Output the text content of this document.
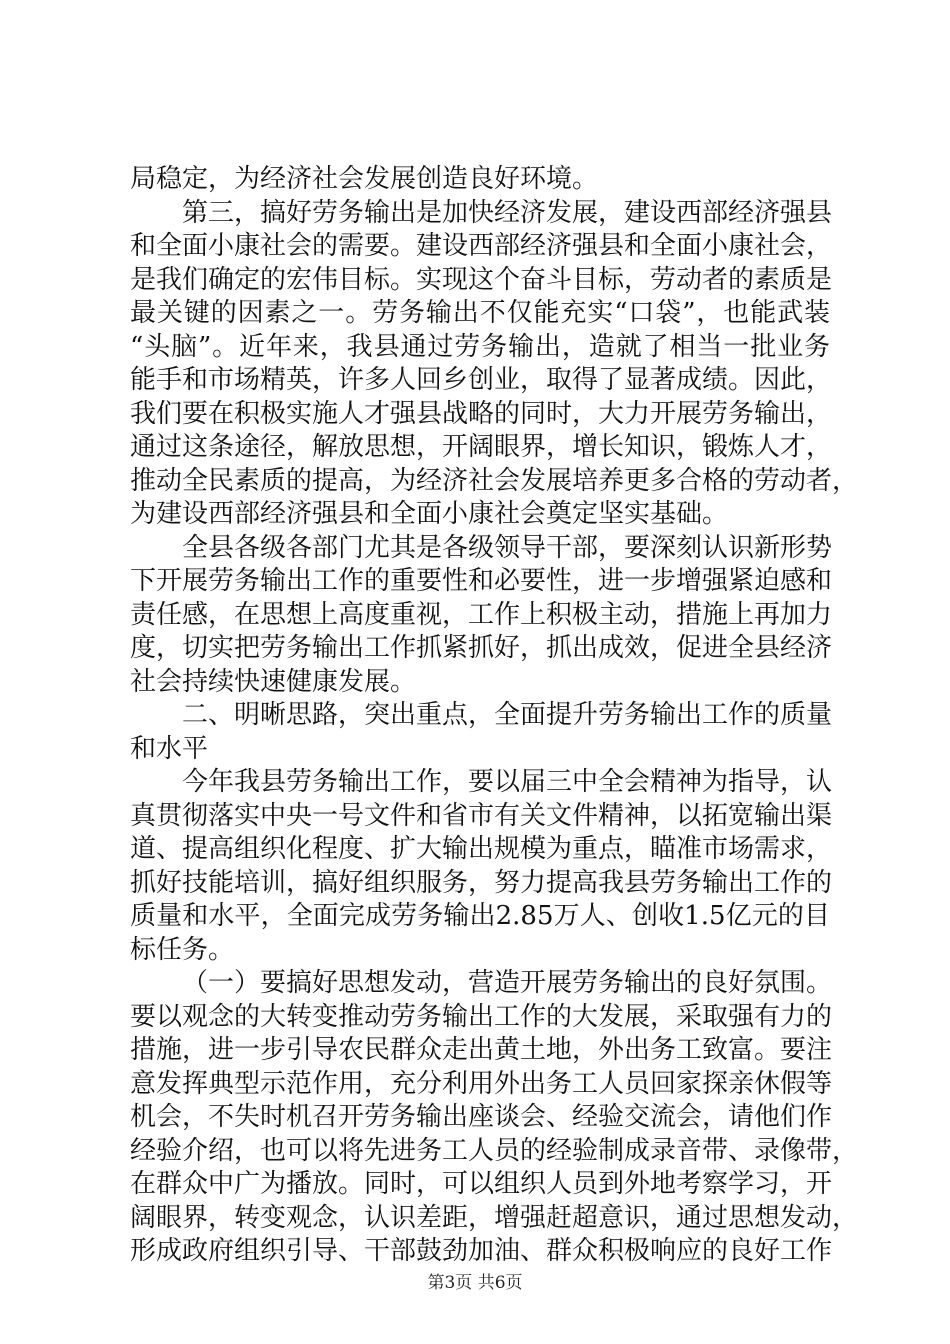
局稳定，为经济社会发展创造良好环境。
第三，搞好劳务输出是加快经济发展，建设西部经济强县
和全面小康社会的需要。建设西部经济强县和全面小康社会，
是我们确定的宏伟目标。实现这个奋斗目标，劳动者的素质是
最关键的因素之一。劳务输出不仅能充实“口袋”，也能武装
“头脑”。近年来，我县通过劳务输出，造就了相当一批业务
能手和市场精英，许多人回乡创业，取得了显著成绩。因此，
我们要在积极实施人才强县战略的同时，大力开展劳务输出，
通过这条途径，解放思想，开阔眼界，增长知识，锻炼人才，
推动全民素质的提高，为经济社会发展培养更多合格的劳动者，
为建设西部经济强县和全面小康社会奠定坚实基础。
全县各级各部门尤其是各级领导干部，要深刻认识新形势
下开展劳务输出工作的重要性和必要性，进一步增强紧迫感和
责任感，在思想上高度重视，工作上积极主动，措施上再加力
度，切实把劳务输出工作抓紧抓好，抓出成效，促进全县经济
社会持续快速健康发展。
二、明晰思路，突出重点，全面提升劳务输出工作的质量
和水平
今年我县劳务输出工作，要以届三中全会精神为指导，认
真贯彻落实中央一号文件和省市有关文件精神，以拓宽输出渠
道、提高组织化程度、扩大输出规模为重点，瞄准市场需求，
抓好技能培训，搞好组织服务，努力提高我县劳务输出工作的
质量和水平，全面完成劳务输出2.85万人、创收1.5亿元的目
标任务。
（一）要搞好思想发动，营造开展劳务输出的良好氛围。
要以观念的大转变推动劳务输出工作的大发展，采取强有力的
措施，进一步引导农民群众走出黄土地，外出务工致富。要注
意发挥典型示范作用，充分利用外出务工人员回家探亲休假等
机会，不失时机召开劳务输出座谈会、经验交流会，请他们作
经验介绍，也可以将先进务工人员的经验制成录音带、录像带，
在群众中广为播放。同时，可以组织人员到外地考察学习，开
阔眼界，转变观念，认识差距，增强赶超意识，通过思想发动，
形成政府组织引导、干部鼓劲加油、群众积极响应的良好工作
第3页 共6页
